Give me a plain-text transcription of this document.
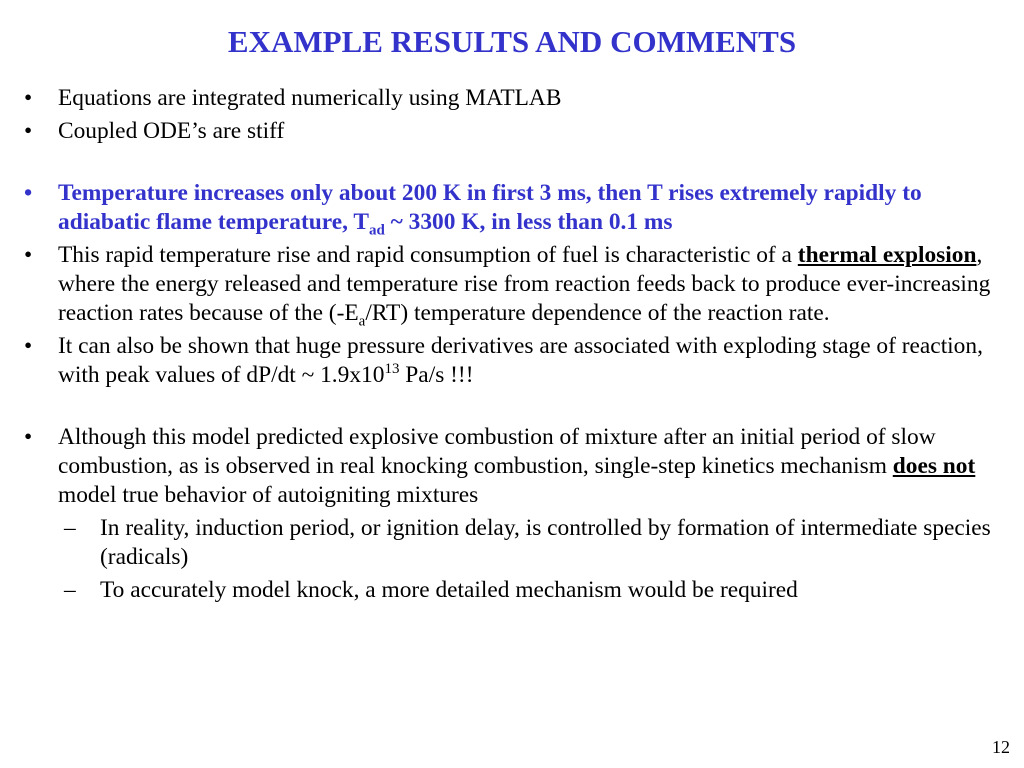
EXAMPLE RESULTS AND COMMENTS
• Equations are integrated numerically using MATLAB
• Coupled ODE’s are stiff
• Temperature increases only about 200 K in first 3 ms, then T rises extremely rapidly to adiabatic flame temperature, $T_{ad}$ ~ 3300 K, in less than 0.1 ms
• This rapid temperature rise and rapid consumption of fuel is characteristic of a thermal explosion, where the energy released and temperature rise from reaction feeds back to produce ever-increasing reaction rates because of the $(-E_a/RT)$ temperature dependence of the reaction rate.
• It can also be shown that huge pressure derivatives are associated with exploding stage of reaction, with peak values of dP/dt ~ $1.9x10^{13}$ Pa/s !!!
• Although this model predicted explosive combustion of mixture after an initial period of slow combustion, as is observed in real knocking combustion, single-step kinetics mechanism does not model true behavior of autoigniting mixtures
– In reality, induction period, or ignition delay, is controlled by formation of intermediate species (radicals)
– To accurately model knock, a more detailed mechanism would be required
12
